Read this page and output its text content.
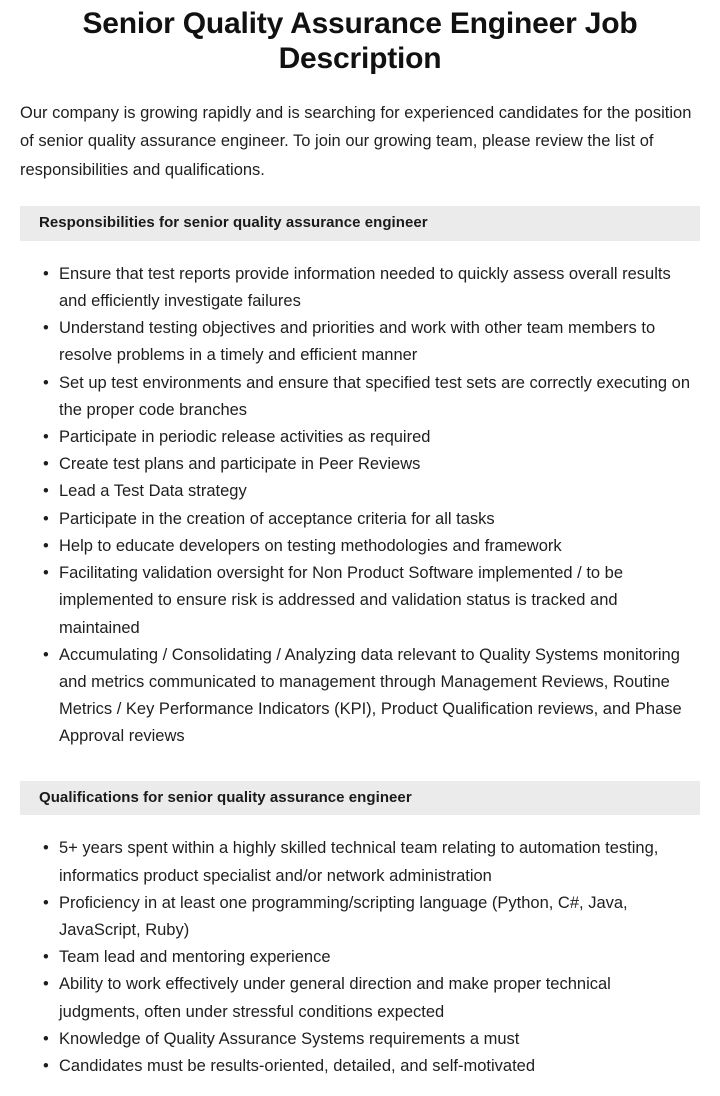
Senior Quality Assurance Engineer Job Description

Our company is growing rapidly and is searching for experienced candidates for the position of senior quality assurance engineer. To join our growing team, please review the list of responsibilities and qualifications.

Responsibilities for senior quality assurance engineer
• Ensure that test reports provide information needed to quickly assess overall results and efficiently investigate failures
• Understand testing objectives and priorities and work with other team members to resolve problems in a timely and efficient manner
• Set up test environments and ensure that specified test sets are correctly executing on the proper code branches
• Participate in periodic release activities as required
• Create test plans and participate in Peer Reviews
• Lead a Test Data strategy
• Participate in the creation of acceptance criteria for all tasks
• Help to educate developers on testing methodologies and framework
• Facilitating validation oversight for Non Product Software implemented / to be implemented to ensure risk is addressed and validation status is tracked and maintained
• Accumulating / Consolidating / Analyzing data relevant to Quality Systems monitoring and metrics communicated to management through Management Reviews, Routine Metrics / Key Performance Indicators (KPI), Product Qualification reviews, and Phase Approval reviews
Qualifications for senior quality assurance engineer
• 5+ years spent within a highly skilled technical team relating to automation testing, informatics product specialist and/or network administration
• Proficiency in at least one programming/scripting language (Python, C#, Java, JavaScript, Ruby)
• Team lead and mentoring experience
• Ability to work effectively under general direction and make proper technical judgments, often under stressful conditions expected
• Knowledge of Quality Assurance Systems requirements a must
• Candidates must be results-oriented, detailed, and self-motivated
